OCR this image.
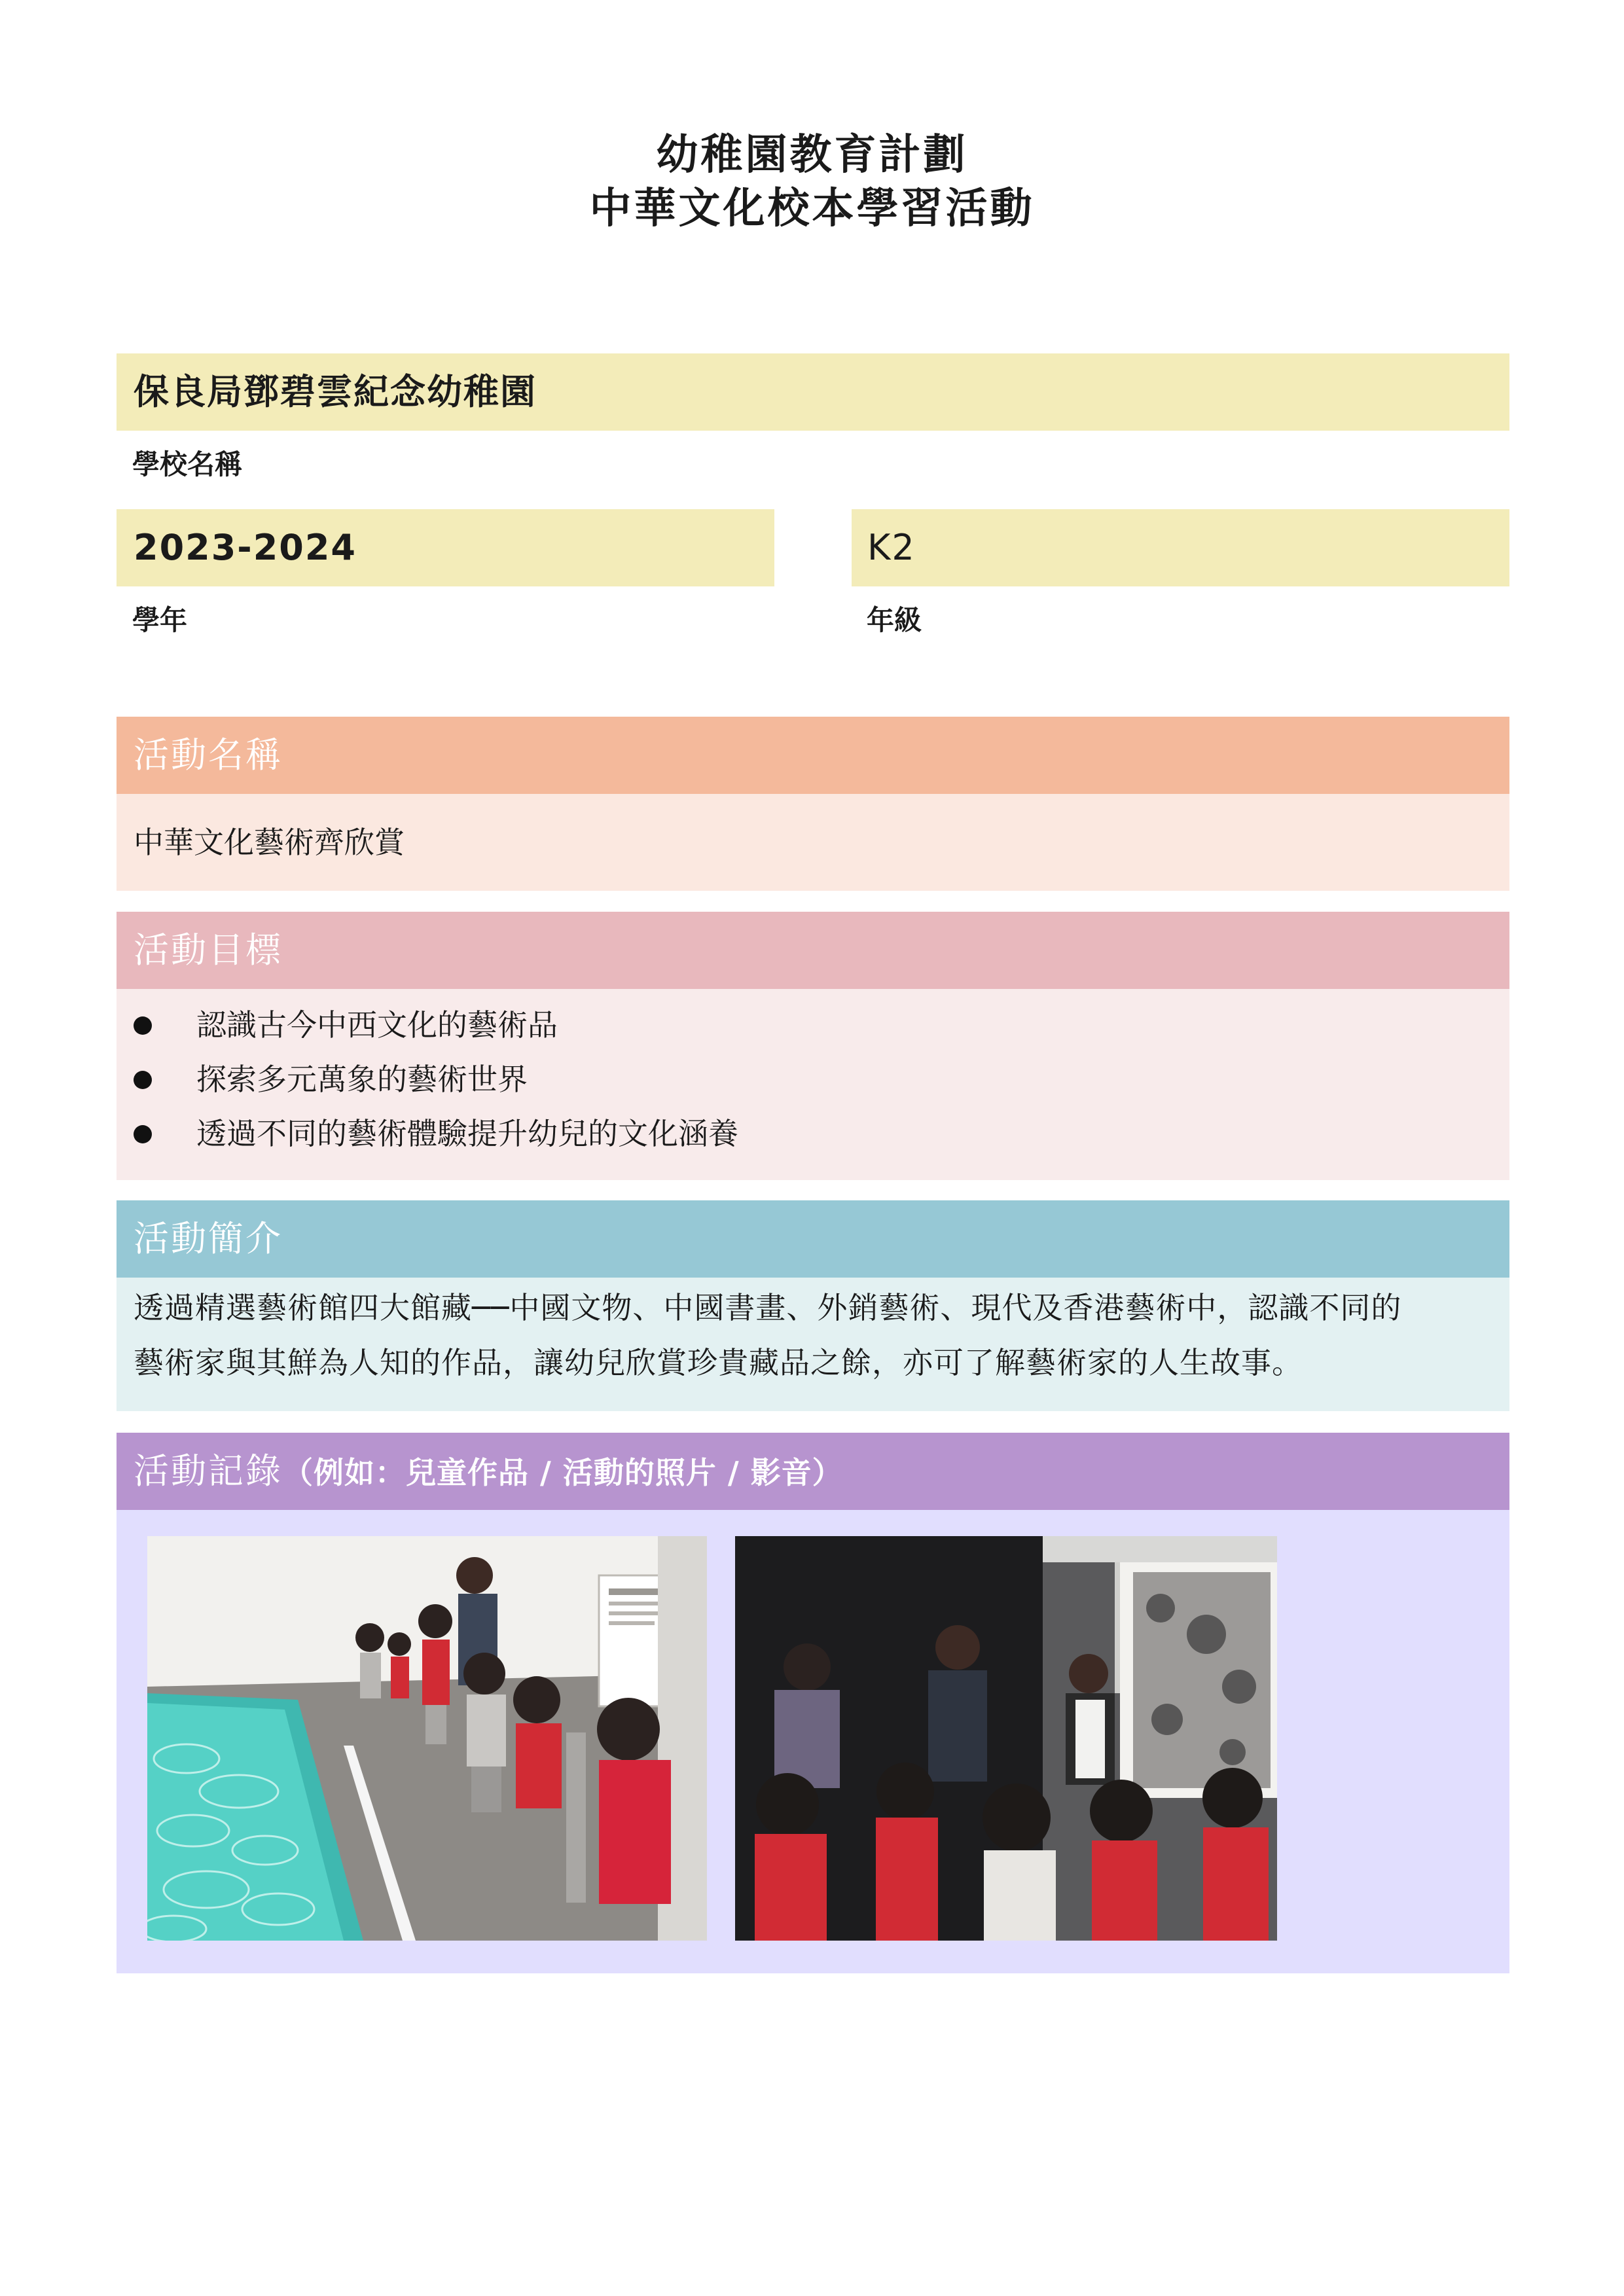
幼稚園教育計劃
中華文化校本學習活動
保良局鄧碧雲紀念幼稚園
學校名稱
2023-2024
學年
K2
年級
活動名稱
中華文化藝術齊欣賞
活動目標
認識古今中西文化的藝術品
探索多元萬象的藝術世界
透過不同的藝術體驗提升幼兒的文化涵養
活動簡介
透過精選藝術館四大館藏──中國文物、中國書畫、外銷藝術、現代及香港藝術中，認識不同的
藝術家與其鮮為人知的作品，讓幼兒欣賞珍貴藏品之餘，亦可了解藝術家的人生故事。
活動記錄（例如：兒童作品 / 活動的照片 / 影音）
